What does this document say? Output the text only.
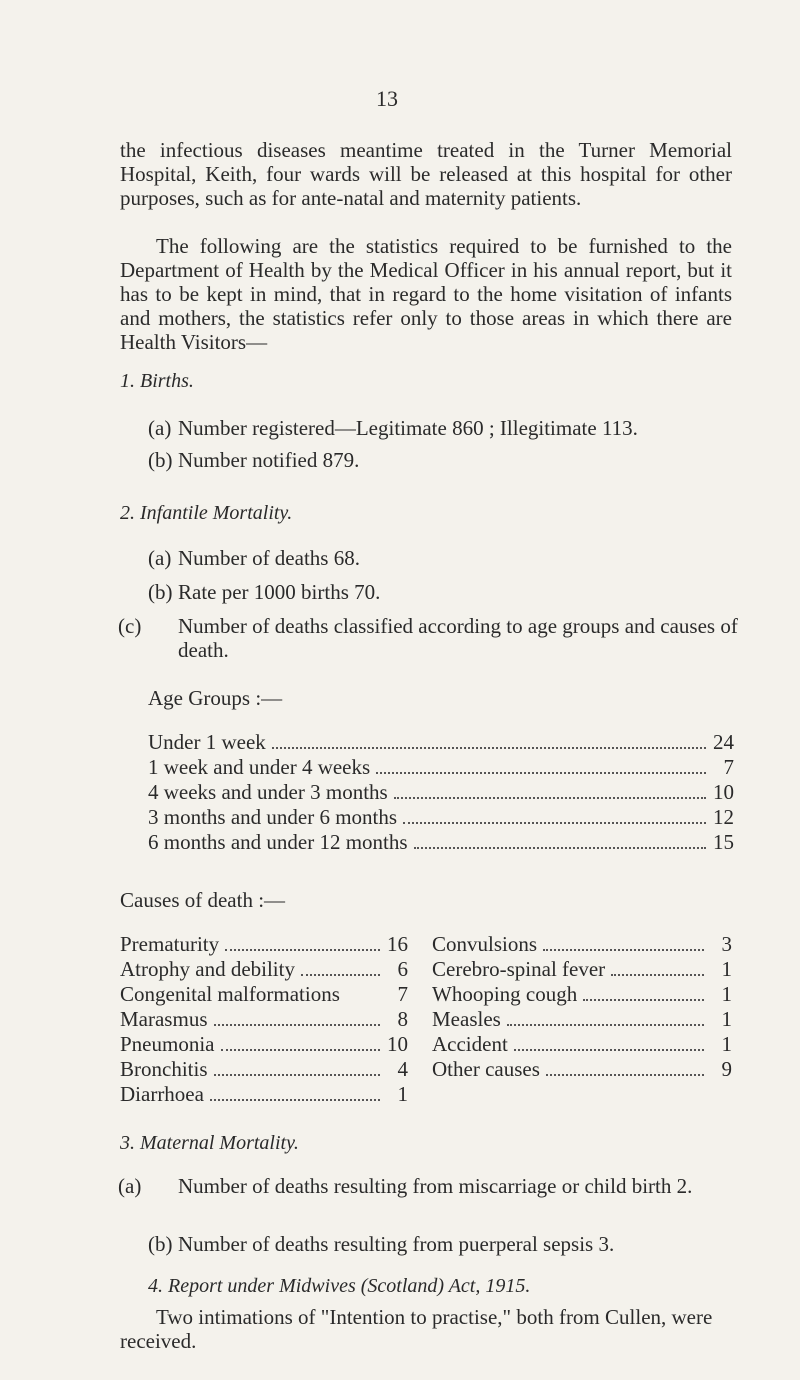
13
the infectious diseases meantime treated in the Turner Memorial Hospital, Keith, four wards will be released at this hospital for other purposes, such as for ante-natal and maternity patients.
The following are the statistics required to be furnished to the Department of Health by the Medical Officer in his annual report, but it has to be kept in mind, that in regard to the home visitation of infants and mothers, the statistics refer only to those areas in which there are Health Visitors—
1. Births.
(a) Number registered—Legitimate 860 ; Illegitimate 113.
(b) Number notified 879.
2. Infantile Mortality.
(a) Number of deaths 68.
(b) Rate per 1000 births 70.
(c) Number of deaths classified according to age groups and causes of death.
Age Groups :—
Under 1 week	24
1 week and under 4 weeks	7
4 weeks and under 3 months	10
3 months and under 6 months	12
6 months and under 12 months	15
Causes of death :—
Prematurity	16
Atrophy and debility	6
Congenital malformations	7
Marasmus	8
Pneumonia	10
Bronchitis	4
Diarrhoea	1
Convulsions	3
Cerebro-spinal fever	1
Whooping cough	1
Measles	1
Accident	1
Other causes	9
3. Maternal Mortality.
(a) Number of deaths resulting from miscarriage or child birth 2.
(b) Number of deaths resulting from puerperal sepsis 3.
4. Report under Midwives (Scotland) Act, 1915.
Two intimations of "Intention to practise," both from Cullen, were received.
